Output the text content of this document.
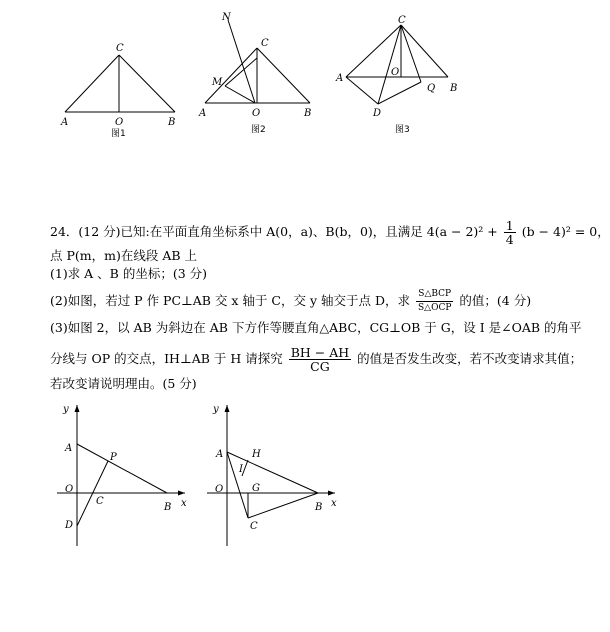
C
A	O	B
图1
N
C
M
A	O	B
图2
C
A
O
Q B
D
图3
24．(12 分)已知:在平面直角坐标系中 A(0，a)、B(b，0)，且满足 $4(a - 2)^2 + \frac{1}{4} (b - 4)^2 = 0$，
点 P(m，m)在线段 AB 上
(1)求 A 、B 的坐标；(3 分)
(2)如图，若过 P 作 PC⊥AB 交 x 轴于 C，交 y 轴交于点 D，求 $\frac{\text{S△BCP}}{\text{S△OCP}}$ 的值；(4 分)
(3)如图 2，以 AB 为斜边在 AB 下方作等腰直角△ABC，CG⊥OB 于 G，设 I 是∠OAB 的角平
分线与 OP 的交点，IH⊥AB 于 H 请探究 $\frac{BH - AH}{CG}$ 的值是否发生改变，若不改变请求其值；
若改变请说明理由。(5 分)
y
x
A
P
O
C
B
D
y
x
A	H
I
O	G
B
C
